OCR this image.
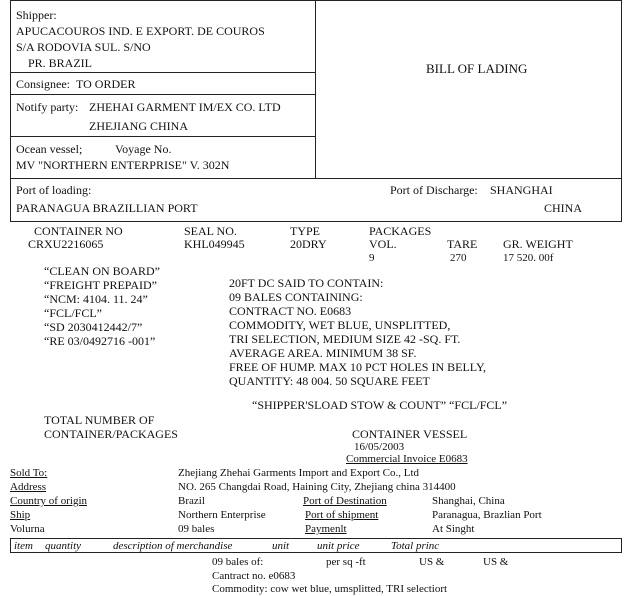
Shipper:
APUCACOUROS IND. E EXPORT. DE COUROS
S/A RODOVIA SUL. S/NO
PR. BRAZIL	BILL OF LADING
Consignee: TO ORDER
Notify party: ZHEHAI GARMENT IM/EX CO. LTD
ZHEJIANG CHINA
Ocean vessel;	Voyage No.
MV "NORTHERN ENTERPRISE" V. 302N
Port of loading:
PARANAGUA BRAZILLIAN PORT
Port of Discharge: SHANGHAI
CHINA
CONTAINER NO	SEAL NO.	TYPE	PACKAGES
VOL.	TARE GR. WEIGHT
CRXU2216065	KHL049945	20DRY
9	270	17 520. 00f
“CLEAN ON BOARD”
“FREIGHT PREPAID”
“NCM: 4104. 11. 24”
“FCL/FCL”
“SD 2030412442/7”
“RE 03/0492716 -001”
20FT DC SAID TO CONTAIN:
09 BALES CONTAINING:
CONTRACT NO. E0683
COMMODITY, WET BLUE, UNSPLITTED,
TRI SELECTION, MEDIUM SIZE 42 -SQ. FT.
AVERAGE AREA. MINIMUM 38 SF.
FREE OF HUMP. MAX 10 PCT HOLES IN BELLY,
QUANTITY: 48 004. 50 SQUARE FEET
“SHIPPER'SLOAD STOW & COUNT” “FCL/FCL”
TOTAL NUMBER OF
CONTAINER/PACKAGES	CONTAINER VESSEL
16/05/2003
Commercial Invoice E0683
Sold To:	Zhejiang Zhehai Garments Import and Export Co., Ltd
Address	NO. 265 Changdai Road, Haining City, Zhejiang china 314400
Country of origin	Brazil	Port of Destination	Shanghai, China
Ship	Northern Enterprise	Port of shipment	Paranagua, Brazlian Port
Volurna	09 bales	Paymenlt	At Singht
item quantity	description of merchandise	unit	unit price	Total princ
09 bales of:	per sq -ft	US &	US &
Cantract no. e0683
Commodity: cow wet blue, umsplitted, TRI selectiort
